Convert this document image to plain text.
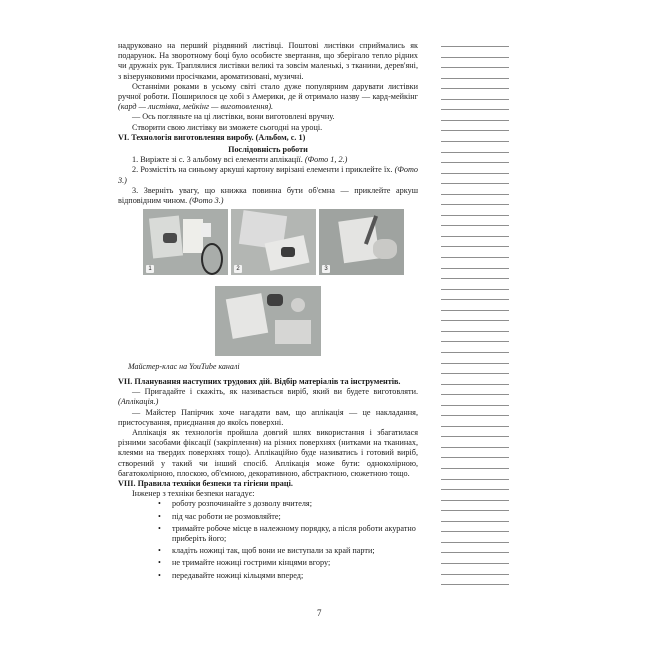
надруковано на перший різдвяний листівці. Поштові листівки сприймались як подарунок. На зворотному боці було особисте звертання, що зберігало тепло рідних чи дружніх рук. Траплялися листівки великі та зовсім маленькі, з тканини, дерев'яні, з візерунковими просічками, ароматизовані, музичні.

Останніми роками в усьому світі стало дуже популярним дарувати листівки ручної роботи. Поширилося це хобі з Америки, де й отримало назву — кард-мейкінг (кард — листівка, мейкінг — виготовлення).

— Ось погляньте на ці листівки, вони виготовлені вручну.

Створити свою листівку ви зможете сьогодні на уроці.

VI. Технологія виготовлення виробу. (Альбом, с. 1)

Послідовність роботи

1. Виріжте зі с. 3 альбому всі елементи аплікації. (Фото 1, 2.)

2. Розмістіть на синьому аркуші картону вирізані елементи і приклейте їх. (Фото 3.)

3. Зверніть увагу, що книжка повинна бути об'ємна — приклейте аркуш відповідним чином. (Фото 3.)

1	2	3
Майстер-клас на YouTube каналі

VII. Планування наступних трудових дій. Відбір матеріалів та інструментів.

— Пригадайте і скажіть, як називається виріб, який ви будете виготовляти. (Аплікація.)

— Майстер Папірчик хоче нагадати вам, що аплікація — це накладання, пристосування, приєднання до якоїсь поверхні.

Аплікація як технологія пройшла довгий шлях використання і збагатилася різними засобами фіксації (закріплення) на різних поверхнях (нитками на тканинах, клеями на твердих поверхнях тощо). Аплікаційно буде називатись і готовий виріб, створений у такий чи інший спосіб. Аплікація може бути: одноколірною, багатоколірною, плоскою, об'ємною, декоративною, абстрактною, сюжетною тощо.

VIII. Правила техніки безпеки та гігієни праці.

Інженер з техніки безпеки нагадує:

• роботу розпочинайте з дозволу вчителя;
• під час роботи не розмовляйте;
• тримайте робоче місце в належному порядку, а після роботи акуратно приберіть його;
• кладіть ножиці так, щоб вони не виступали за край парти;
• не тримайте ножиці гострими кінцями вгору;
• передавайте ножиці кільцями вперед;
7
